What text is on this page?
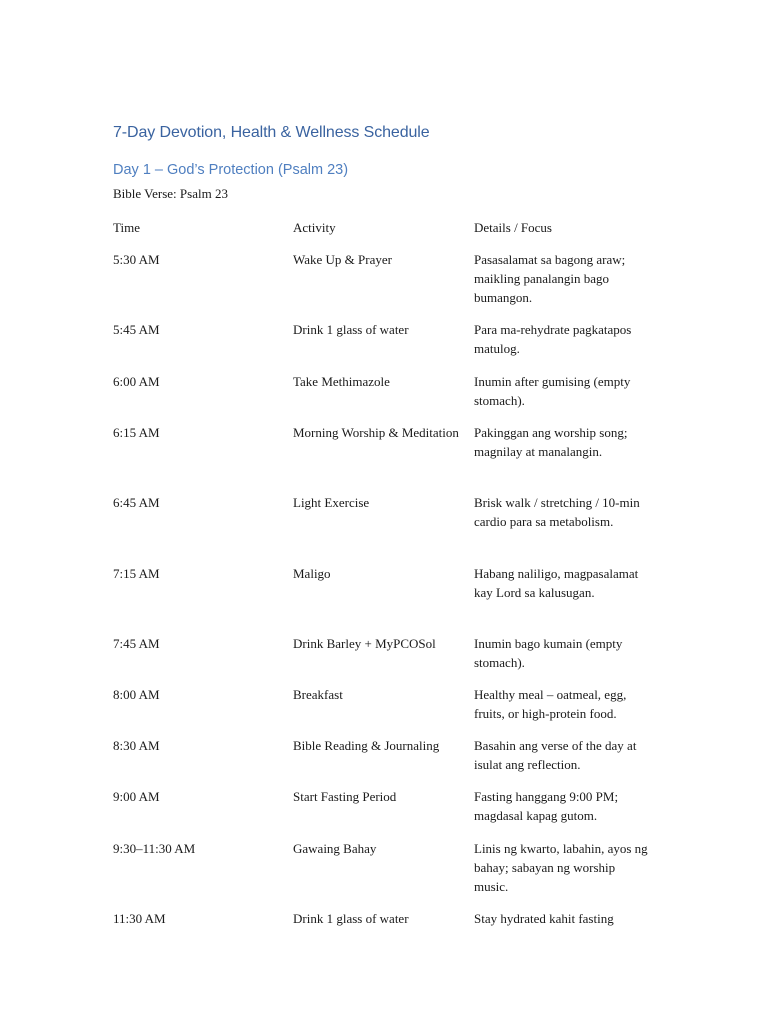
7-Day Devotion, Health & Wellness Schedule
Day 1 – God’s Protection (Psalm 23)
Bible Verse: Psalm 23
Time	Activity	Details / Focus
5:30 AM	Wake Up & Prayer	Pasasalamat sa bagong araw; maikling panalangin bago bumangon.
5:45 AM	Drink 1 glass of water	Para ma-rehydrate pagkatapos matulog.
6:00 AM	Take Methimazole	Inumin after gumising (empty stomach).
6:15 AM	Morning Worship & Meditation	Pakinggan ang worship song; magnilay at manalangin.
6:45 AM	Light Exercise	Brisk walk / stretching / 10-min cardio para sa metabolism.
7:15 AM	Maligo	Habang naliligo, magpasalamat kay Lord sa kalusugan.
7:45 AM	Drink Barley + MyPCOSol	Inumin bago kumain (empty stomach).
8:00 AM	Breakfast	Healthy meal – oatmeal, egg, fruits, or high-protein food.
8:30 AM	Bible Reading & Journaling	Basahin ang verse of the day at isulat ang reflection.
9:00 AM	Start Fasting Period	Fasting hanggang 9:00 PM; magdasal kapag gutom.
9:30–11:30 AM	Gawaing Bahay	Linis ng kwarto, labahin, ayos ng bahay; sabayan ng worship music.
11:30 AM	Drink 1 glass of water	Stay hydrated kahit fasting
